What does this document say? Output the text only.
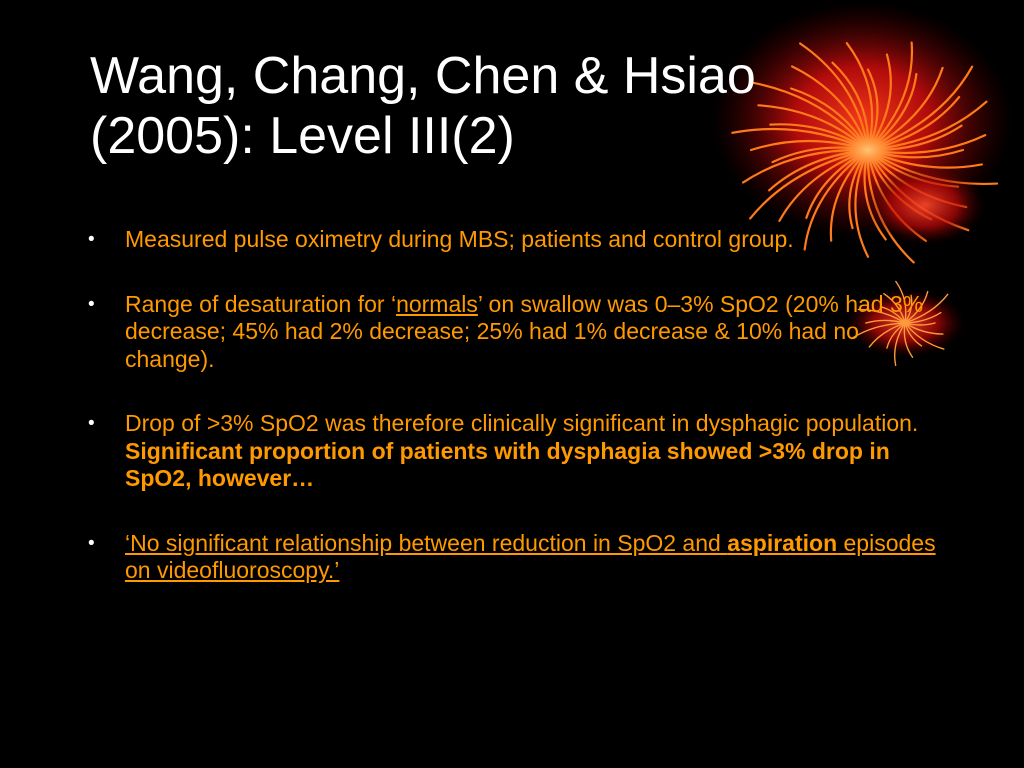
Wang, Chang, Chen & Hsiao
(2005): Level III(2)
• Measured pulse oximetry during MBS; patients and control group.
• Range of desaturation for ‘normals’ on swallow was 0–3% SpO2 (20% had 3% decrease; 45% had 2% decrease; 25% had 1% decrease & 10% had no change).
• Drop of >3% SpO2 was therefore clinically significant in dysphagic population. Significant proportion of patients with dysphagia showed >3% drop in SpO2, however…
• ‘No significant relationship between reduction in SpO2 and aspiration episodes on videofluoroscopy.’
